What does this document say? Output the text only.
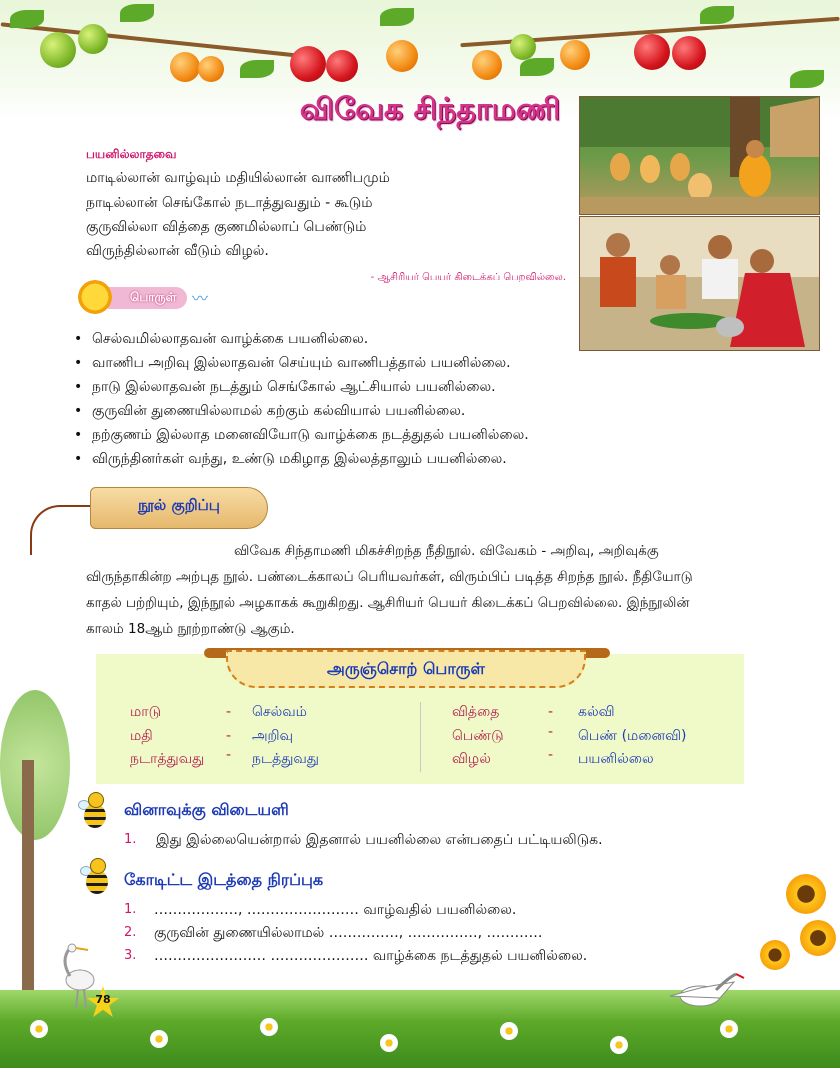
விவேக சிந்தாமணி
பயனில்லாதவை
மாடில்லான் வாழ்வும் மதியில்லான் வாணிபமும்
நாடில்லான் செங்கோல் நடாத்துவதும் - கூடும்
குருவில்லா வித்தை குணமில்லாப் பெண்டும்
விருந்தில்லான் வீடும் விழல்.
- ஆசிரியர் பெயர் கிடைக்கப் பெறவில்லை.
பொருள் 〰
• செல்வமில்லாதவன் வாழ்க்கை பயனில்லை.
• வாணிப அறிவு இல்லாதவன் செய்யும் வாணிபத்தால் பயனில்லை.
• நாடு இல்லாதவன் நடத்தும் செங்கோல் ஆட்சியால் பயனில்லை.
• குருவின் துணையில்லாமல் கற்கும் கல்வியால் பயனில்லை.
• நற்குணம் இல்லாத மனைவியோடு வாழ்க்கை நடத்துதல் பயனில்லை.
• விருந்தினர்கள் வந்து, உண்டு மகிழாத இல்லத்தாலும் பயனில்லை.
நூல் குறிப்பு
விவேக சிந்தாமணி மிகச்சிறந்த நீதிநூல். விவேகம் - அறிவு, அறிவுக்கு
விருந்தாகின்ற அற்புத நூல். பண்டைக்காலப் பெரியவர்கள், விரும்பிப் படித்த சிறந்த நூல். நீதியோடு
காதல் பற்றியும், இந்நூல் அழகாகக் கூறுகிறது. ஆசிரியர் பெயர் கிடைக்கப் பெறவில்லை. இந்நூலின்
காலம் 18ஆம் நூற்றாண்டு ஆகும்.
அருஞ்சொற் பொருள்
மாடு	- செல்வம்
மதி	- அறிவு
நடாத்துவது - நடத்துவது
வித்தை	- கல்வி
பெண்டு	- பெண் (மனைவி)
விழல்	- பயனில்லை
78
வினாவுக்கு விடையளி
1. இது இல்லையென்றால் இதனால் பயனில்லை என்பதைப் பட்டியலிடுக.
கோடிட்ட இடத்தை நிரப்புக
1. ………………, …………………… வாழ்வதில் பயனில்லை.
2. குருவின் துணையில்லாமல் ……………, ……………, …………
3. …………………… ………………… வாழ்க்கை நடத்துதல் பயனில்லை.
